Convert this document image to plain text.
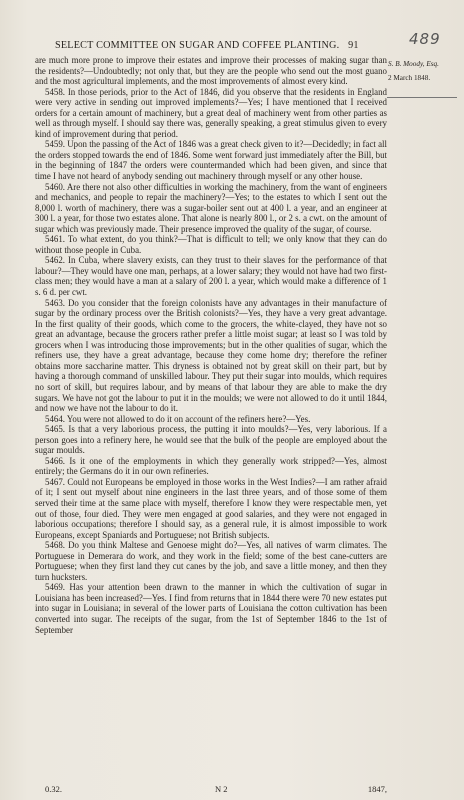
SELECT COMMITTEE ON SUGAR AND COFFEE PLANTING. 91	489
S. B. Moody, Esq.
2 March 1848.

are much more prone to improve their estates and improve their processes of making sugar than the residents?—Undoubtedly; not only that, but they are the people who send out the most guano and the most agricultural implements, and the most improvements of almost every kind.

5458. In those periods, prior to the Act of 1846, did you observe that the residents in England were very active in sending out improved implements?—Yes; I have mentioned that I received orders for a certain amount of machinery, but a great deal of machinery went from other parties as well as through myself. I should say there was, generally speaking, a great stimulus given to every kind of improvement during that period.

5459. Upon the passing of the Act of 1846 was a great check given to it?—Decidedly; in fact all the orders stopped towards the end of 1846. Some went forward just immediately after the Bill, but in the beginning of 1847 the orders were countermanded which had been given, and since that time I have not heard of anybody sending out machinery through myself or any other house.

5460. Are there not also other difficulties in working the machinery, from the want of engineers and mechanics, and people to repair the machinery?—Yes; to the estates to which I sent out the 8,000 l. worth of machinery, there was a sugar-boiler sent out at 400 l. a year, and an engineer at 300 l. a year, for those two estates alone. That alone is nearly 800 l., or 2 s. a cwt. on the amount of sugar which was previously made. Their presence improved the quality of the sugar, of course.

5461. To what extent, do you think?—That is difficult to tell; we only know that they can do without those people in Cuba.

5462. In Cuba, where slavery exists, can they trust to their slaves for the performance of that labour?—They would have one man, perhaps, at a lower salary; they would not have had two first-class men; they would have a man at a salary of 200 l. a year, which would make a difference of 1 s. 6 d. per cwt.

5463. Do you consider that the foreign colonists have any advantages in their manufacture of sugar by the ordinary process over the British colonists?—Yes, they have a very great advantage. In the first quality of their goods, which come to the grocers, the white-clayed, they have not so great an advantage, because the grocers rather prefer a little moist sugar; at least so I was told by grocers when I was introducing those improvements; but in the other qualities of sugar, which the refiners use, they have a great advantage, because they come home dry; therefore the refiner obtains more saccharine matter. This dryness is obtained not by great skill on their part, but by having a thorough command of unskilled labour. They put their sugar into moulds, which requires no sort of skill, but requires labour, and by means of that labour they are able to make the dry sugars. We have not got the labour to put it in the moulds; we were not allowed to do it until 1844, and now we have not the labour to do it.

5464. You were not allowed to do it on account of the refiners here?—Yes.

5465. Is that a very laborious process, the putting it into moulds?—Yes, very laborious. If a person goes into a refinery here, he would see that the bulk of the people are employed about the sugar moulds.

5466. Is it one of the employments in which they generally work stripped?—Yes, almost entirely; the Germans do it in our own refineries.

5467. Could not Europeans be employed in those works in the West Indies?—I am rather afraid of it; I sent out myself about nine engineers in the last three years, and of those some of them served their time at the same place with myself, therefore I know they were respectable men, yet out of those, four died. They were men engaged at good salaries, and they were not engaged in laborious occupations; therefore I should say, as a general rule, it is almost impossible to work Europeans, except Spaniards and Portuguese; not British subjects.

5468. Do you think Maltese and Genoese might do?—Yes, all natives of warm climates. The Portuguese in Demerara do work, and they work in the field; some of the best cane-cutters are Portuguese; when they first land they cut canes by the job, and save a little money, and then they turn hucksters.

5469. Has your attention been drawn to the manner in which the cultivation of sugar in Louisiana has been increased?—Yes. I find from returns that in 1844 there were 70 new estates put into sugar in Louisiana; in several of the lower parts of Louisiana the cotton cultivation has been converted into sugar. The receipts of the sugar, from the 1st of September 1846 to the 1st of September

0.32.	N 2	1847,
